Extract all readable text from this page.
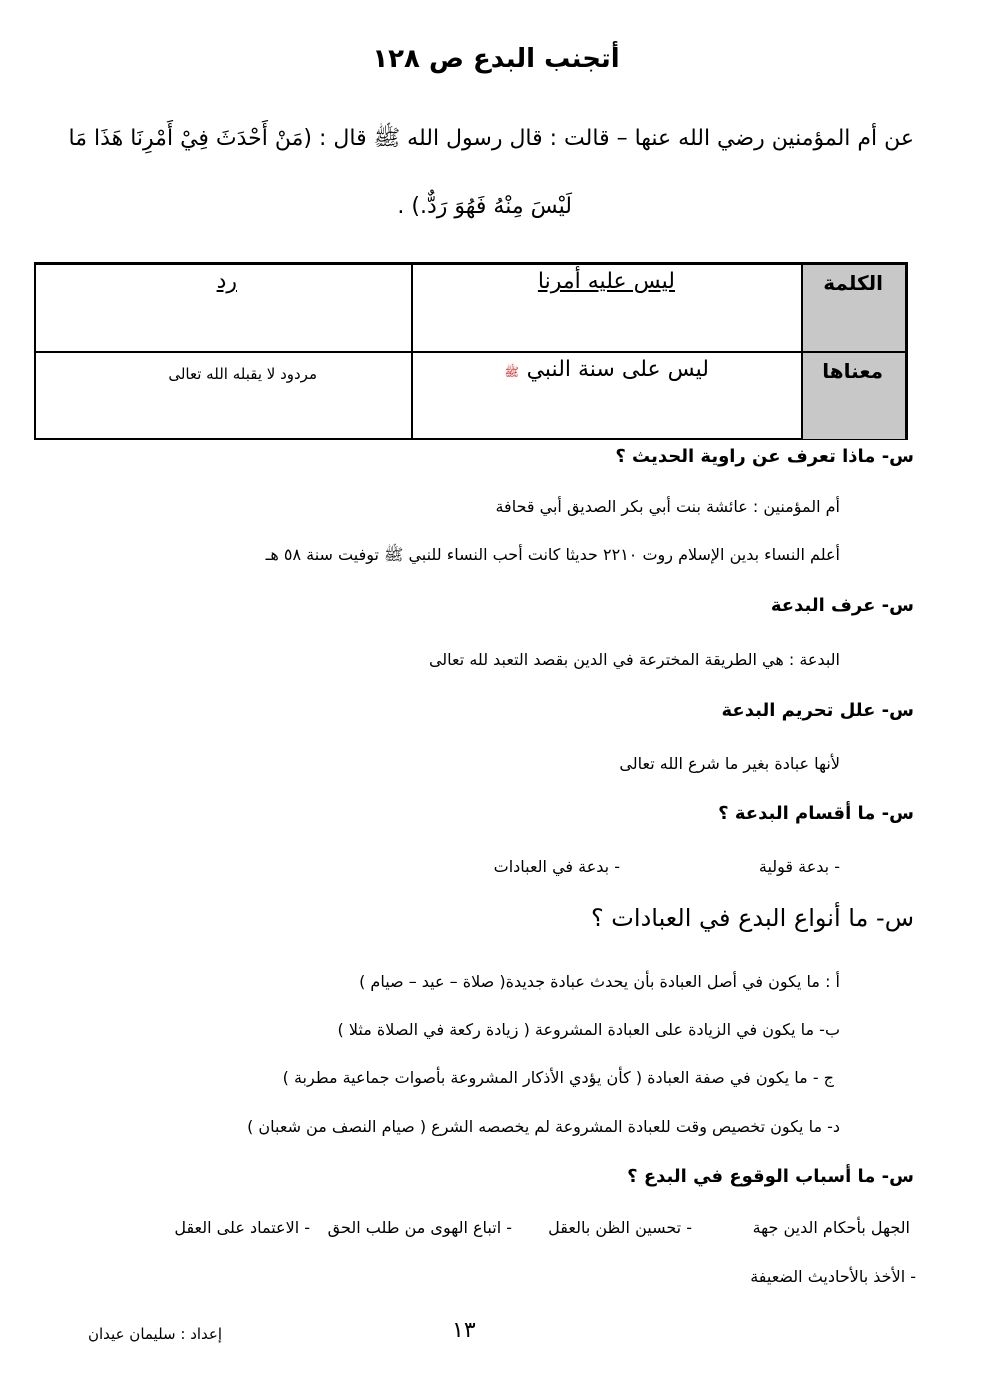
أتجنب البدع ص ١٢٨
عن أم المؤمنين رضي الله عنها – قالت : قال رسول الله ﷺ قال : (مَنْ أَحْدَثَ فِيْ أَمْرِنَا هَذَا مَا
لَيْسَ مِنْهُ فَهُوَ رَدٌّ.) .
الكلمة
معناها
ليس عليه أمرنا
رد
ليس على سنة النبي
ﷺ
مردود لا يقبله الله تعالى
س- ماذا تعرف عن راوية الحديث ؟
أم المؤمنين : عائشة بنت أبي بكر الصديق أبي قحافة
أعلم النساء بدين الإسلام روت ٢٢١٠ حديثا كانت أحب النساء للنبي ﷺ توفيت سنة ٥٨ هـ
س- عرف البدعة
البدعة : هي الطريقة المخترعة في الدين بقصد التعبد لله تعالى
س- علل تحريم البدعة
لأنها عبادة بغير ما شرع الله تعالى
س- ما أقسام البدعة ؟
- بدعة قولية
- بدعة في العبادات
س- ما أنواع البدع في العبادات ؟
أ : ما يكون في أصل العبادة بأن يحدث عبادة جديدة( صلاة – عيد – صيام )
ب- ما يكون في الزيادة على العبادة المشروعة ( زيادة ركعة في الصلاة مثلا )
ج - ما يكون في صفة العبادة ( كأن يؤدي الأذكار المشروعة بأصوات جماعية مطربة )
د- ما يكون تخصيص وقت للعبادة المشروعة لم يخصصه الشرع ( صيام النصف من شعبان )
س- ما أسباب الوقوع في البدع ؟
الجهل بأحكام الدين جهة
- تحسين الظن بالعقل
- اتباع الهوى من طلب الحق
- الاعتماد على العقل
- الأخذ بالأحاديث الضعيفة
١٣
إعداد : سليمان عيدان
